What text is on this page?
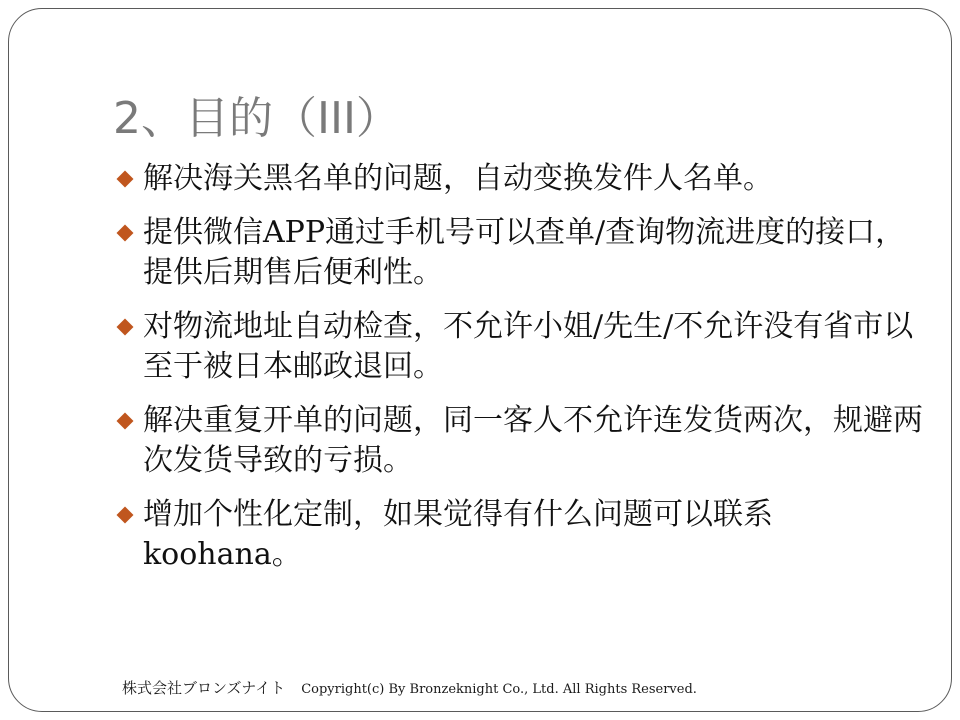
2、目的（III）
解决海关黑名单的问题，自动变换发件人名单。
提供微信APP通过手机号可以查单/查询物流进度的接口，提供后期售后便利性。
对物流地址自动检查，不允许小姐/先生/不允许没有省市以至于被日本邮政退回。
解决重复开单的问题，同一客人不允许连发货两次，规避两次发货导致的亏损。
增加个性化定制，如果觉得有什么问题可以联系koohana。
株式会社ブロンズナイト Copyright(c) By Bronzeknight Co., Ltd. All Rights Reserved.
